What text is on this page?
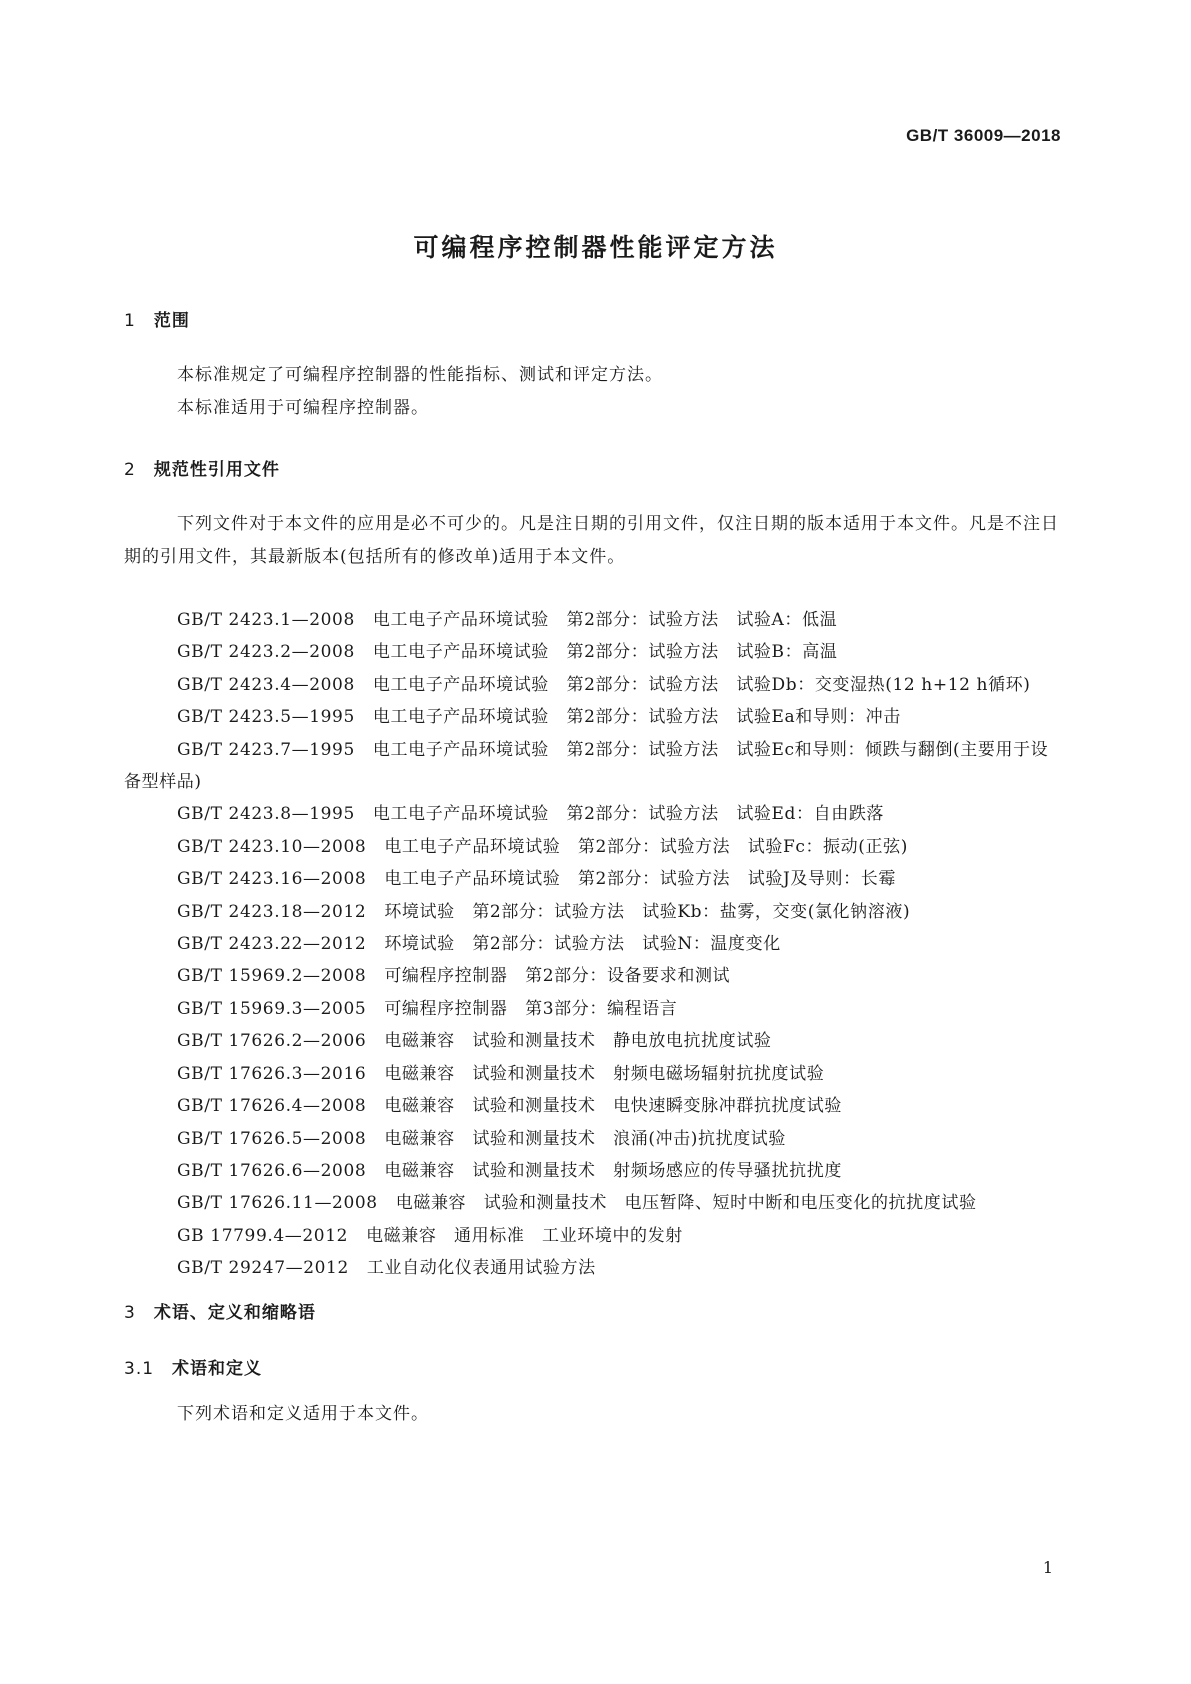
GB/T 36009—2018
可编程序控制器性能评定方法
1 范围
本标准规定了可编程序控制器的性能指标、测试和评定方法。
本标准适用于可编程序控制器。
2 规范性引用文件
下列文件对于本文件的应用是必不可少的。凡是注日期的引用文件，仅注日期的版本适用于本文件。凡是不注日期的引用文件，其最新版本(包括所有的修改单)适用于本文件。
GB/T 2423.1—2008 电工电子产品环境试验　第2部分：试验方法　试验A：低温
GB/T 2423.2—2008 电工电子产品环境试验　第2部分：试验方法　试验B：高温
GB/T 2423.4—2008 电工电子产品环境试验　第2部分：试验方法　试验Db：交变湿热(12 h+12 h循环)
GB/T 2423.5—1995 电工电子产品环境试验　第2部分：试验方法　试验Ea和导则：冲击
GB/T 2423.7—1995 电工电子产品环境试验　第2部分：试验方法　试验Ec和导则：倾跌与翻倒(主要用于设备型样品)
GB/T 2423.8—1995 电工电子产品环境试验　第2部分：试验方法　试验Ed：自由跌落
GB/T 2423.10—2008 电工电子产品环境试验　第2部分：试验方法　试验Fc：振动(正弦)
GB/T 2423.16—2008 电工电子产品环境试验　第2部分：试验方法　试验J及导则：长霉
GB/T 2423.18—2012 环境试验　第2部分：试验方法　试验Kb：盐雾，交变(氯化钠溶液)
GB/T 2423.22—2012 环境试验　第2部分：试验方法　试验N：温度变化
GB/T 15969.2—2008 可编程序控制器　第2部分：设备要求和测试
GB/T 15969.3—2005 可编程序控制器　第3部分：编程语言
GB/T 17626.2—2006 电磁兼容　试验和测量技术　静电放电抗扰度试验
GB/T 17626.3—2016 电磁兼容　试验和测量技术　射频电磁场辐射抗扰度试验
GB/T 17626.4—2008 电磁兼容　试验和测量技术　电快速瞬变脉冲群抗扰度试验
GB/T 17626.5—2008 电磁兼容　试验和测量技术　浪涌(冲击)抗扰度试验
GB/T 17626.6—2008 电磁兼容　试验和测量技术　射频场感应的传导骚扰抗扰度
GB/T 17626.11—2008 电磁兼容　试验和测量技术　电压暂降、短时中断和电压变化的抗扰度试验
GB 17799.4—2012 电磁兼容　通用标准　工业环境中的发射
GB/T 29247—2012 工业自动化仪表通用试验方法
3 术语、定义和缩略语
3.1 术语和定义
下列术语和定义适用于本文件。
1
